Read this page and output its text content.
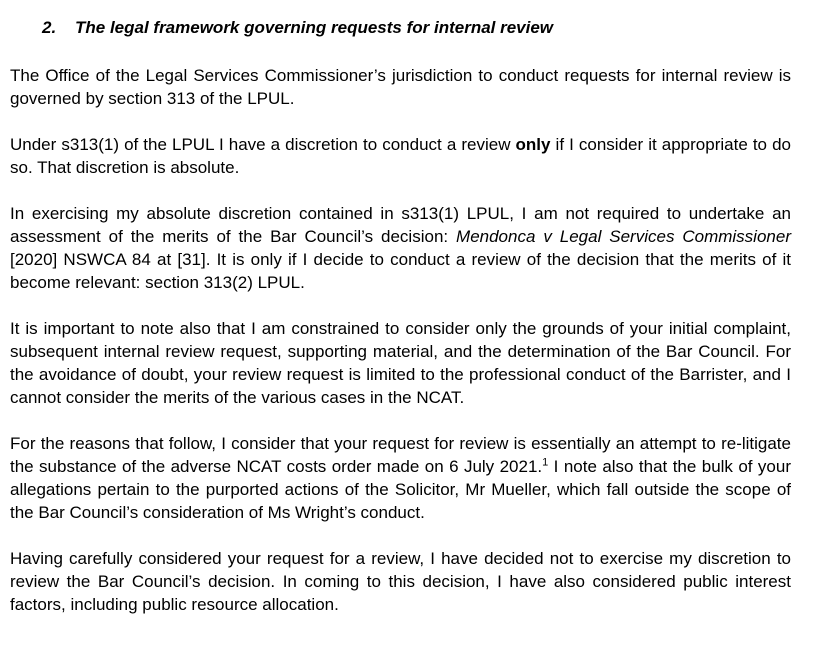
2. The legal framework governing requests for internal review

The Office of the Legal Services Commissioner’s jurisdiction to conduct requests for internal review is governed by section 313 of the LPUL.

Under s313(1) of the LPUL I have a discretion to conduct a review only if I consider it appropriate to do so. That discretion is absolute.

In exercising my absolute discretion contained in s313(1) LPUL, I am not required to undertake an assessment of the merits of the Bar Council’s decision: Mendonca v Legal Services Commissioner [2020] NSWCA 84 at [31]. It is only if I decide to conduct a review of the decision that the merits of it become relevant: section 313(2) LPUL.

It is important to note also that I am constrained to consider only the grounds of your initial complaint, subsequent internal review request, supporting material, and the determination of the Bar Council. For the avoidance of doubt, your review request is limited to the professional conduct of the Barrister, and I cannot consider the merits of the various cases in the NCAT.

For the reasons that follow, I consider that your request for review is essentially an attempt to re-litigate the substance of the adverse NCAT costs order made on 6 July 2021.$^1$ I note also that the bulk of your allegations pertain to the purported actions of the Solicitor, Mr Mueller, which fall outside the scope of the Bar Council’s consideration of Ms Wright’s conduct.

Having carefully considered your request for a review, I have decided not to exercise my discretion to review the Bar Council’s decision. In coming to this decision, I have also considered public interest factors, including public resource allocation.
